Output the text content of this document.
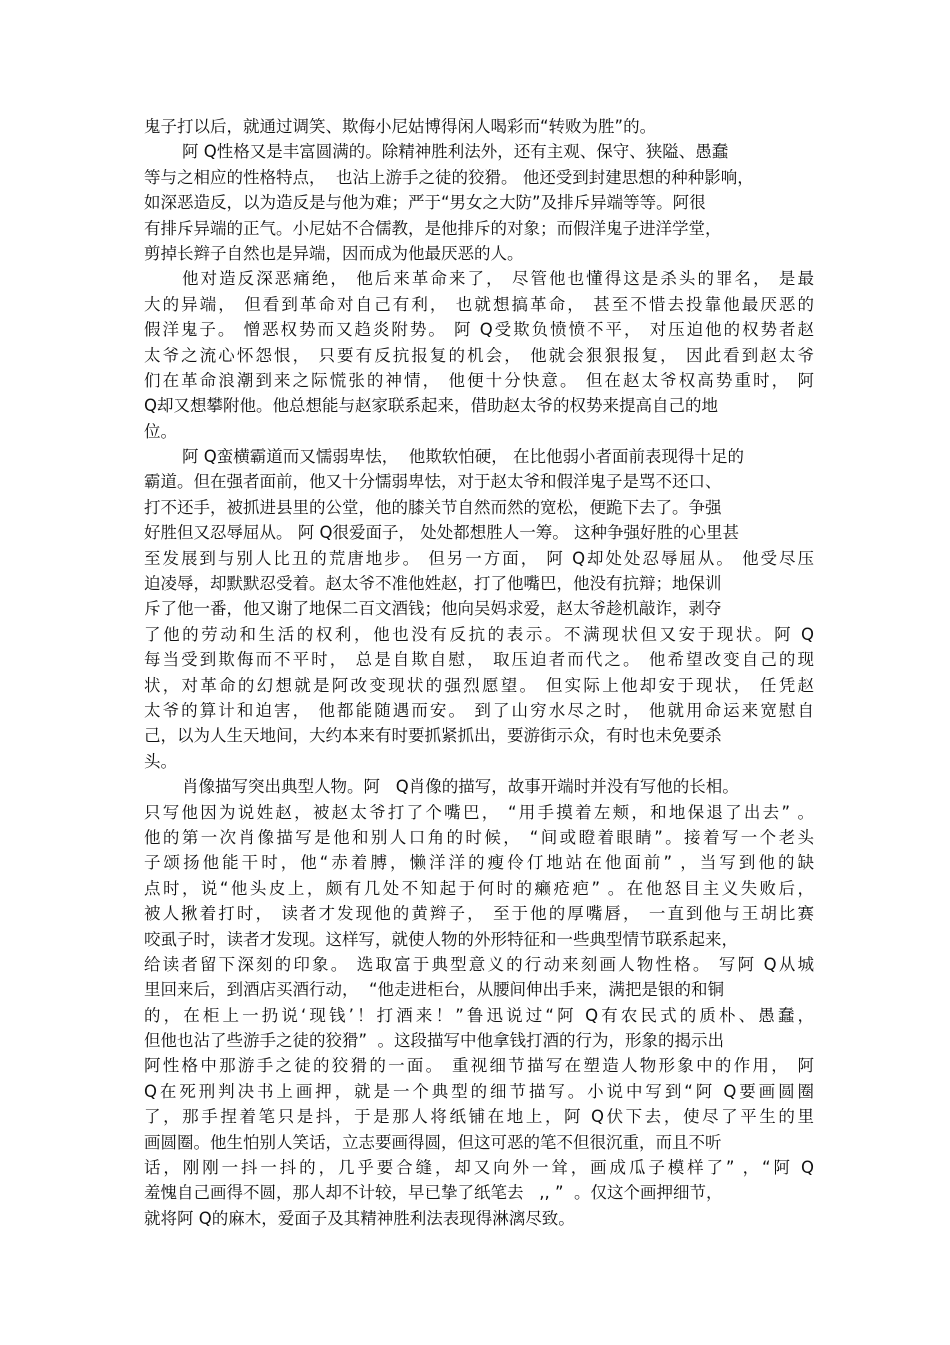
鬼子打以后，就通过调笑、欺侮小尼姑博得闲人喝彩而“转败为胜”的。
阿 Q性格又是丰富圆满的。除精神胜利法外，还有主观、保守、狭隘、愚蠢
等与之相应的性格特点，  也沾上游手之徒的狡猾。 他还受到封建思想的种种影响，
如深恶造反，以为造反是与他为难；严于“男女之大防”及排斥异端等等。阿很
有排斥异端的正气。小尼姑不合儒教，是他排斥的对象；而假洋鬼子进洋学堂，
剪掉长辫子自然也是异端，因而成为他最厌恶的人。
他对造反深恶痛绝， 他后来革命来了， 尽管他也懂得这是杀头的罪名， 是最
大的异端， 但看到革命对自己有利， 也就想搞革命， 甚至不惜去投靠他最厌恶的
假洋鬼子。 憎恶权势而又趋炎附势。 阿 Q受欺负愤愤不平， 对压迫他的权势者赵
太爷之流心怀怨恨， 只要有反抗报复的机会， 他就会狠狠报复， 因此看到赵太爷
们在革命浪潮到来之际慌张的神情， 他便十分快意。 但在赵太爷权高势重时， 阿
Q却又想攀附他。他总想能与赵家联系起来，借助赵太爷的权势来提高自己的地
位。
阿 Q蛮横霸道而又懦弱卑怯，  他欺软怕硬， 在比他弱小者面前表现得十足的
霸道。但在强者面前，他又十分懦弱卑怯，对于赵太爷和假洋鬼子是骂不还口、
打不还手，被抓进县里的公堂，他的膝关节自然而然的宽松，便跪下去了。争强
好胜但又忍辱屈从。 阿 Q很爱面子， 处处都想胜人一筹。 这种争强好胜的心里甚
至发展到与别人比丑的荒唐地步。 但另一方面， 阿 Q却处处忍辱屈从。 他受尽压
迫凌辱，却默默忍受着。赵太爷不准他姓赵，打了他嘴巴，他没有抗辩；地保训
斥了他一番，他又谢了地保二百文酒钱；他向吴妈求爱，赵太爷趁机敲诈，剥夺
了他的劳动和生活的权利，他也没有反抗的表示。不满现状但又安于现状。阿 Q
每当受到欺侮而不平时， 总是自欺自慰， 取压迫者而代之。 他希望改变自己的现
状，对革命的幻想就是阿改变现状的强烈愿望。 但实际上他却安于现状， 任凭赵
太爷的算计和迫害， 他都能随遇而安。 到了山穷水尽之时， 他就用命运来宽慰自
己，以为人生天地间，大约本来有时要抓紧抓出，要游街示众，有时也未免要杀
头。
肖像描写突出典型人物。阿   Q肖像的描写，故事开端时并没有写他的长相。
只写他因为说姓赵，被赵太爷打了个嘴巴， “用手摸着左颊，和地保退了出去” 。
他的第一次肖像描写是他和别人口角的时候， “间或瞪着眼睛”。接着写一个老头
子颂扬他能干时，他“赤着膊，懒洋洋的瘦伶仃地站在他面前” ，当写到他的缺
点时，说“他头皮上，颇有几处不知起于何时的癞疮疤” 。在他怒目主义失败后，
被人揪着打时， 读者才发现他的黄辫子， 至于他的厚嘴唇， 一直到他与王胡比赛
咬虱子时，读者才发现。这样写，就使人物的外形特征和一些典型情节联系起来，
给读者留下深刻的印象。 选取富于典型意义的行动来刻画人物性格。 写阿 Q从城
里回来后，到酒店买酒行动，  “他走进柜台，从腰间伸出手来，满把是银的和铜
的，在柜上一扔说‘现钱’！打酒来！”鲁迅说过“阿 Q有农民式的质朴、愚蠢，
但他也沾了些游手之徒的狡猾”  。这段描写中他拿钱打酒的行为，形象的揭示出
阿性格中那游手之徒的狡猾的一面。 重视细节描写在塑造人物形象中的作用， 阿
Q在死刑判决书上画押，就是一个典型的细节描写。小说中写到“阿 Q要画圆圈
了，那手捏着笔只是抖，于是那人将纸铺在地上，阿 Q伏下去，使尽了平生的里
画圆圈。他生怕别人笑话，立志要画得圆，但这可恶的笔不但很沉重，而且不听
话，刚刚一抖一抖的，几乎要合缝，却又向外一耸，画成瓜子模样了” ，“阿 Q
羞愧自己画得不圆，那人却不计较，早已挚了纸笔去   ,, ”  。仅这个画押细节，
就将阿 Q的麻木，爱面子及其精神胜利法表现得淋漓尽致。
